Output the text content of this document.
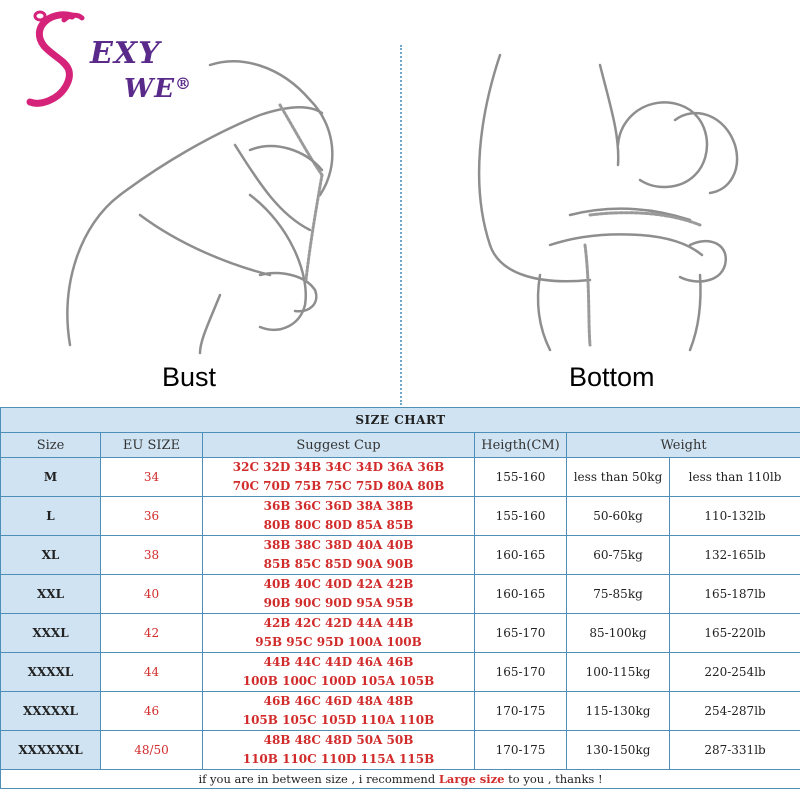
EXY
WE®
Bust	Bottom
SIZE CHART					
Size	EU SIZE	Suggest Cup	Heigth(CM)	Weight	
M	34	32C 32D 34B 34C 34D 36A 36B
70C 70D 75B 75C 75D 80A 80B	155-160	less than 50kg	less than 110lb
L	36	36B 36C 36D 38A 38B
80B 80C 80D 85A 85B	155-160	50-60kg	110-132lb
XL	38	38B 38C 38D 40A 40B
85B 85C 85D 90A 90B	160-165	60-75kg	132-165lb
XXL	40	40B 40C 40D 42A 42B
90B 90C 90D 95A 95B	160-165	75-85kg	165-187lb
XXXL	42	42B 42C 42D 44A 44B
95B 95C 95D 100A 100B	165-170	85-100kg	165-220lb
XXXXL	44	44B 44C 44D 46A 46B
100B 100C 100D 105A 105B	165-170	100-115kg	220-254lb
XXXXXL	46	46B 46C 46D 48A 48B
105B 105C 105D 110A 110B	170-175	115-130kg	254-287lb
XXXXXXL	48/50	48B 48C 48D 50A 50B
110B 110C 110D 115A 115B	170-175	130-150kg	287-331lb
if you are in between size , i recommend Large size to you , thanks !					
